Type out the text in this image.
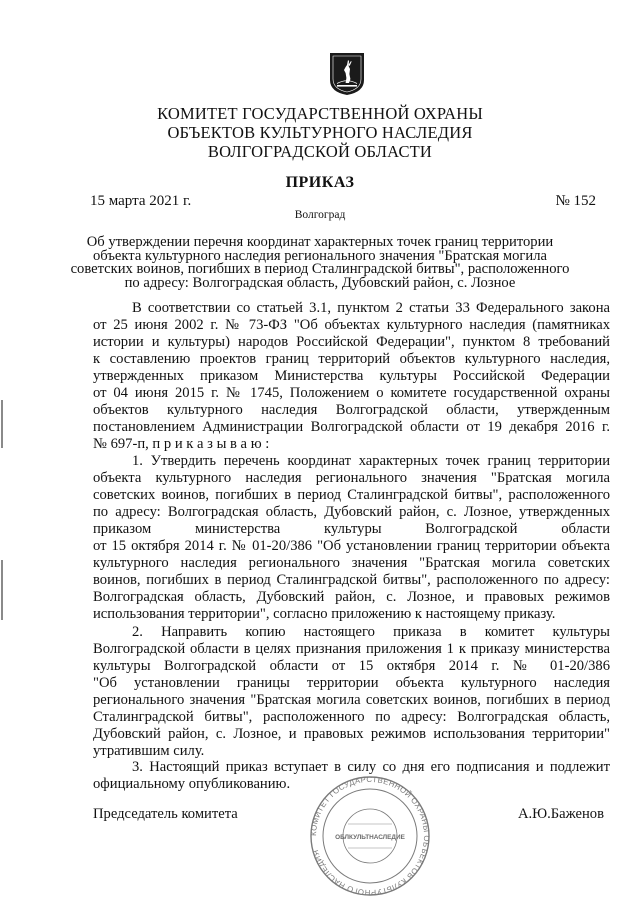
КОМИТЕТ ГОСУДАРСТВЕННОЙ ОХРАНЫ
ОБЪЕКТОВ КУЛЬТУРНОГО НАСЛЕДИЯ
ВОЛГОГРАДСКОЙ ОБЛАСТИ
ПРИКАЗ
15 марта 2021 г.	№ 152
Волгоград
Об утверждении перечня координат характерных точек границ территории
объекта культурного наследия регионального значения "Братская могила
советских воинов, погибших в период Сталинградской битвы", расположенного
по адресу: Волгоградская область, Дубовский район, с. Лозное
В соответствии со статьей 3.1, пунктом 2 статьи 33 Федерального закона
от 25 июня 2002 г. № 73-ФЗ "Об объектах культурного наследия (памятниках
истории и культуры) народов Российской Федерации", пунктом 8 требований
к составлению проектов границ территорий объектов культурного наследия,
утвержденных приказом Министерства культуры Российской Федерации
от 04 июня 2015 г. № 1745, Положением о комитете государственной охраны
объектов культурного наследия Волгоградской области, утвержденным
постановлением Администрации Волгоградской области от 19 декабря 2016 г.
№ 697-п, п р и к а з ы в а ю :
1. Утвердить перечень координат характерных точек границ территории
объекта культурного наследия регионального значения "Братская могила
советских воинов, погибших в период Сталинградской битвы", расположенного
по адресу: Волгоградская область, Дубовский район, с. Лозное, утвержденных
приказом министерства культуры Волгоградской области
от 15 октября 2014 г. № 01-20/386 "Об установлении границ территории объекта
культурного наследия регионального значения "Братская могила советских
воинов, погибших в период Сталинградской битвы", расположенного по адресу:
Волгоградская область, Дубовский район, с. Лозное, и правовых режимов
использования территории", согласно приложению к настоящему приказу.
2. Направить копию настоящего приказа в комитет культуры
Волгоградской области в целях признания приложения 1 к приказу министерства
культуры Волгоградской области от 15 октября 2014 г. № 01-20/386
"Об установлении границы территории объекта культурного наследия
регионального значения "Братская могила советских воинов, погибших в период
Сталинградской битвы", расположенного по адресу: Волгоградская область,
Дубовский район, с. Лозное, и правовых режимов использования территории"
утратившим силу.
3. Настоящий приказ вступает в силу со дня его подписания и подлежит
официальному опубликованию.
Председатель комитета	А.Ю.Баженов
КОМИТЕТ ГОСУДАРСТВЕННОЙ ОХРАНЫ ОБЪЕКТОВ КУЛЬТУРНОГО НАСЛЕДИЯ
ОБЛКУЛЬТНАСЛЕДИЕ
